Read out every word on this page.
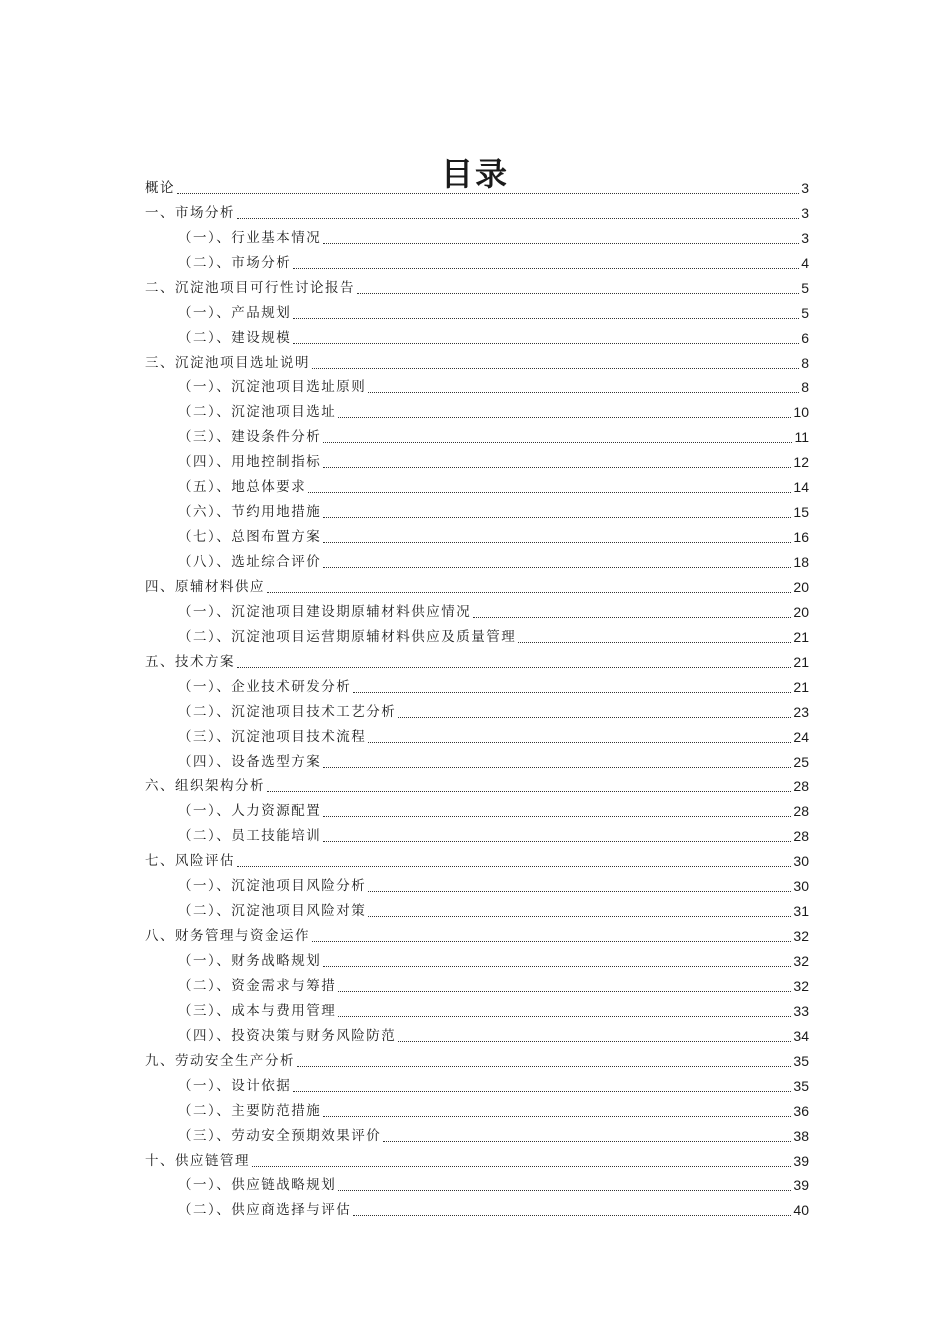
目录
概论	3
一、市场分析	3
（一）、行业基本情况	3
（二）、市场分析	4
二、沉淀池项目可行性讨论报告	5
（一）、产品规划	5
（二）、建设规模	6
三、沉淀池项目选址说明	8
（一）、沉淀池项目选址原则	8
（二）、沉淀池项目选址	10
（三）、建设条件分析	11
（四）、用地控制指标	12
（五）、地总体要求	14
（六）、节约用地措施	15
（七）、总图布置方案	16
（八）、选址综合评价	18
四、原辅材料供应	20
（一）、沉淀池项目建设期原辅材料供应情况	20
（二）、沉淀池项目运营期原辅材料供应及质量管理	21
五、技术方案	21
（一）、企业技术研发分析	21
（二）、沉淀池项目技术工艺分析	23
（三）、沉淀池项目技术流程	24
（四）、设备选型方案	25
六、组织架构分析	28
（一）、人力资源配置	28
（二）、员工技能培训	28
七、风险评估	30
（一）、沉淀池项目风险分析	30
（二）、沉淀池项目风险对策	31
八、财务管理与资金运作	32
（一）、财务战略规划	32
（二）、资金需求与筹措	32
（三）、成本与费用管理	33
（四）、投资决策与财务风险防范	34
九、劳动安全生产分析	35
（一）、设计依据	35
（二）、主要防范措施	36
（三）、劳动安全预期效果评价	38
十、供应链管理	39
（一）、供应链战略规划	39
（二）、供应商选择与评估	40
